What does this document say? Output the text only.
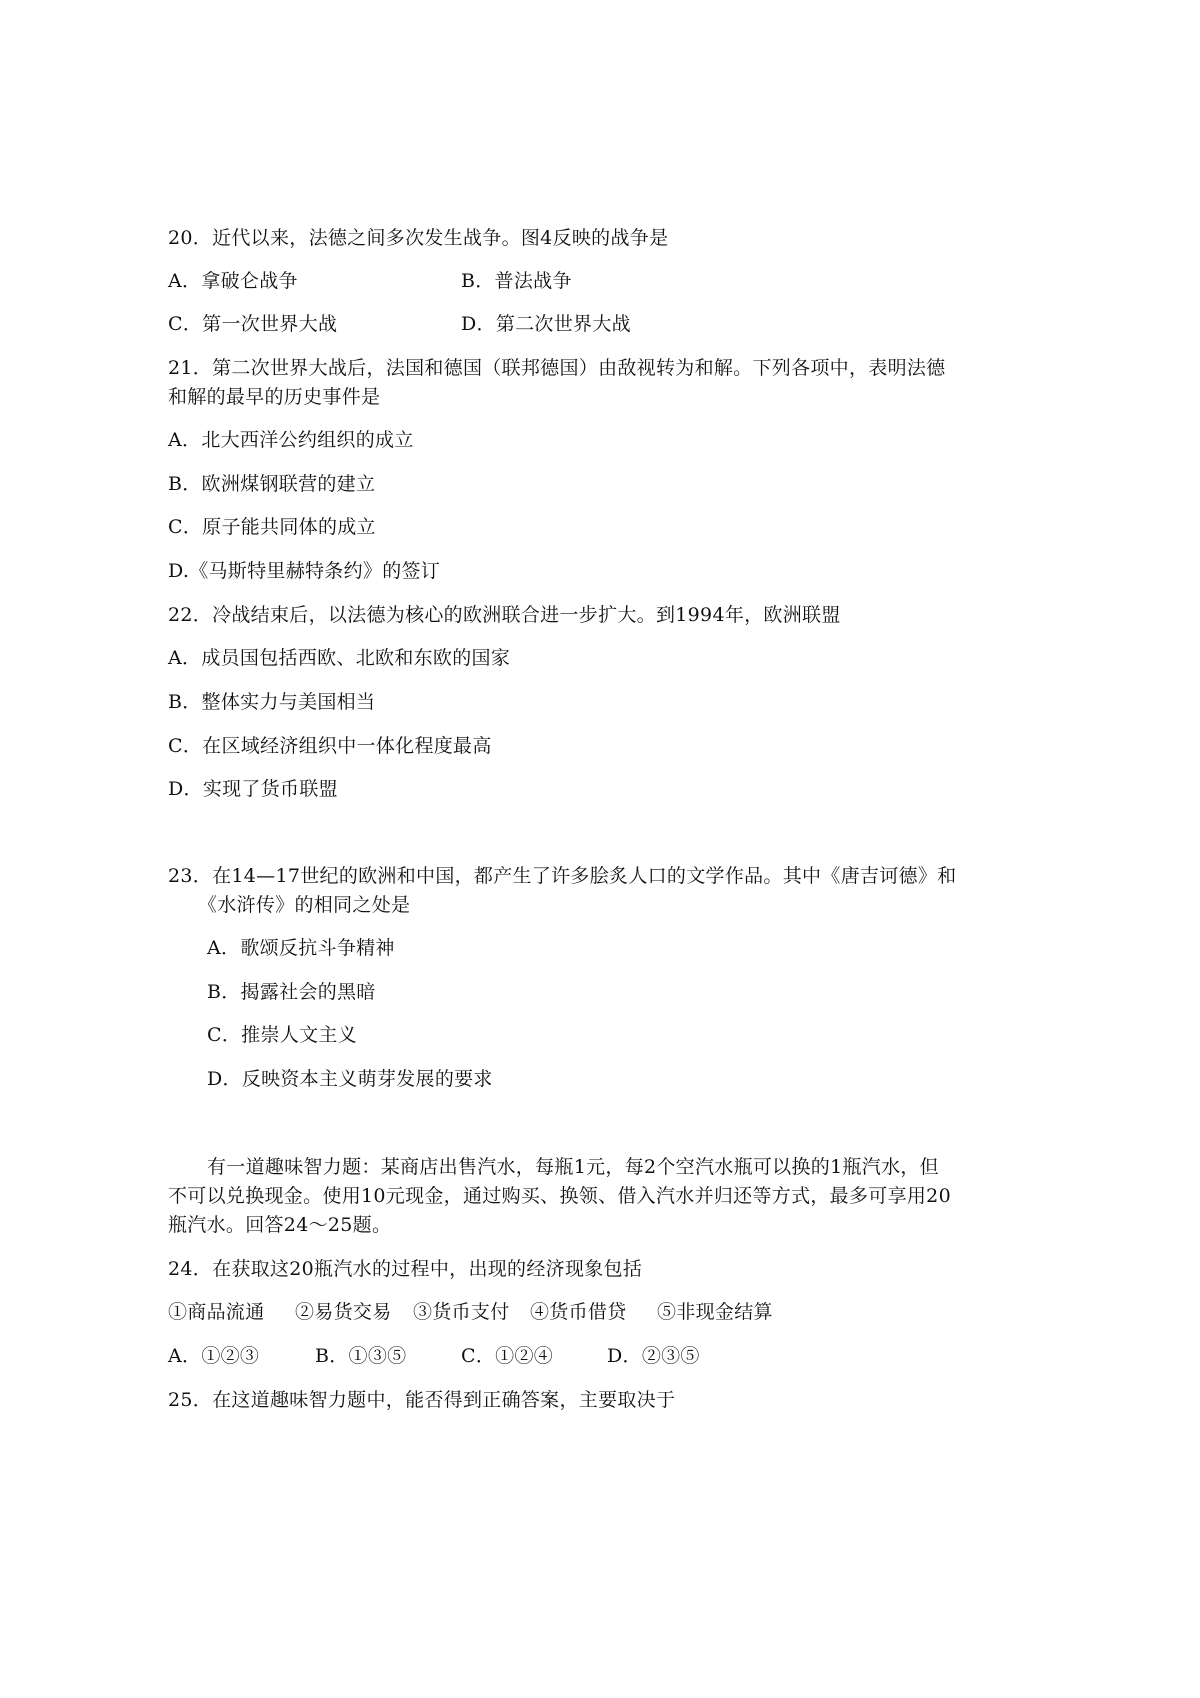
20．近代以来，法德之间多次发生战争。图4反映的战争是
A．拿破仑战争	B．普法战争
C．第一次世界大战	D．第二次世界大战
21．第二次世界大战后，法国和德国（联邦德国）由敌视转为和解。下列各项中，表明法德
和解的最早的历史事件是
A．北大西洋公约组织的成立
B．欧洲煤钢联营的建立
C．原子能共同体的成立
D.《马斯特里赫特条约》的签订
22．冷战结束后，以法德为核心的欧洲联合进一步扩大。到1994年，欧洲联盟
A．成员国包括西欧、北欧和东欧的国家
B．整体实力与美国相当
C．在区域经济组织中一体化程度最高
D．实现了货币联盟
23．在14—17世纪的欧洲和中国，都产生了许多脍炙人口的文学作品。其中《唐吉诃德》和
《水浒传》的相同之处是
A．歌颂反抗斗争精神
B．揭露社会的黑暗
C．推崇人文主义
D．反映资本主义萌芽发展的要求
有一道趣味智力题：某商店出售汽水，每瓶1元，每2个空汽水瓶可以换的1瓶汽水，但
不可以兑换现金。使用10元现金，通过购买、换领、借入汽水并归还等方式，最多可享用20
瓶汽水。回答24～25题。
24．在获取这20瓶汽水的过程中，出现的经济现象包括
①商品流通 ②易货交易 ③货币支付 ④货币借贷 ⑤非现金结算
A．①②③	B．①③⑤	C．①②④	D．②③⑤
25．在这道趣味智力题中，能否得到正确答案，主要取决于
